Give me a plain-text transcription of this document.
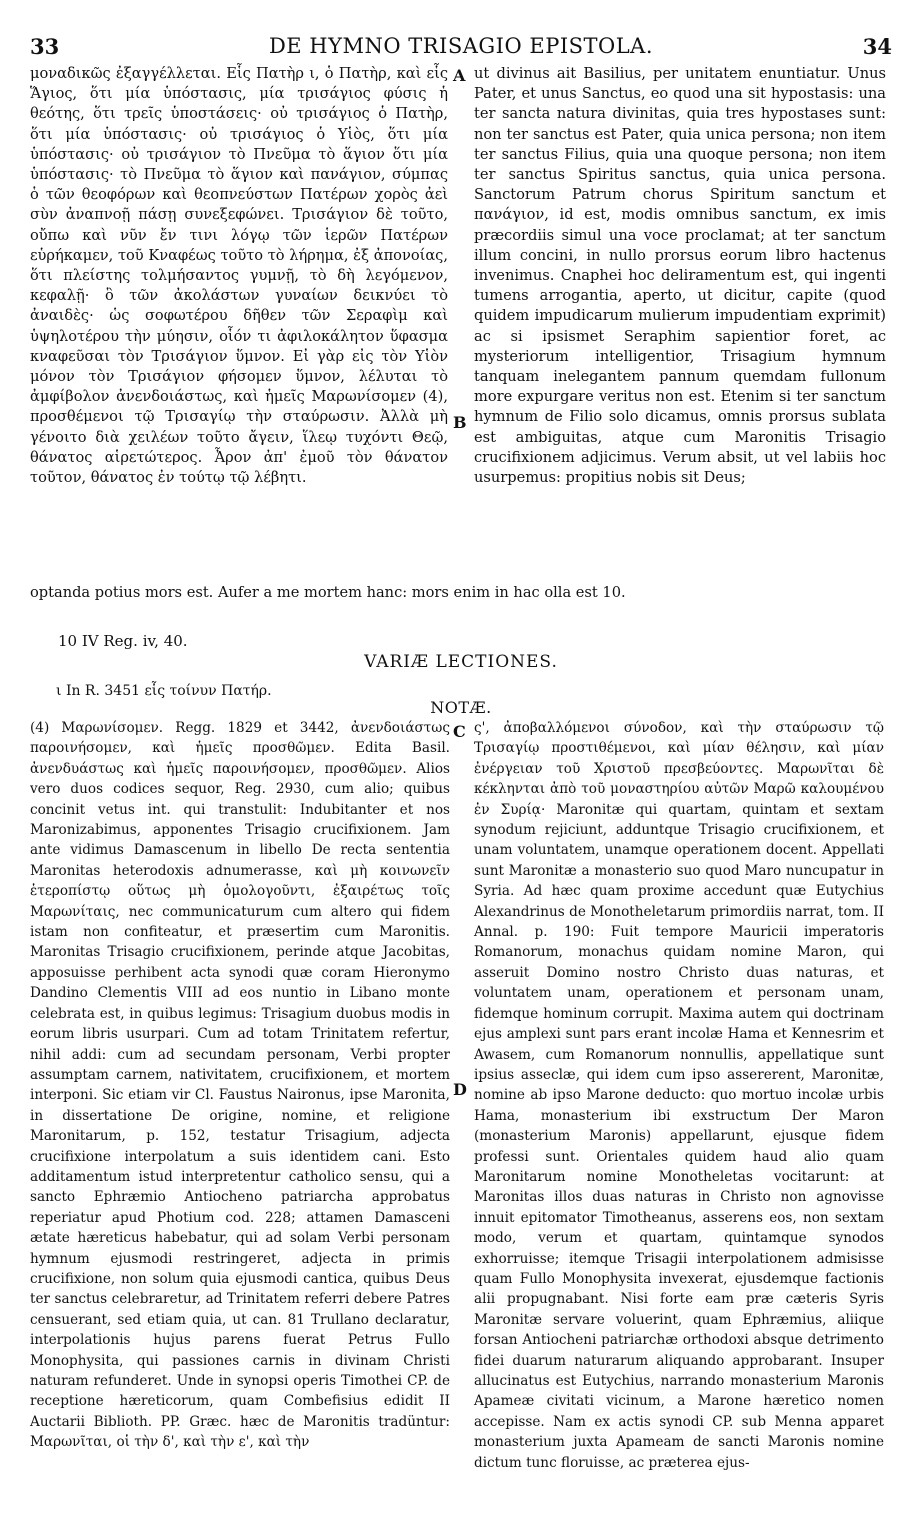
33	DE HYMNO TRISAGIO EPISTOLA.	34

μοναδικῶς ἐξαγγέλλεται. Εἷς Πατὴρ ι, ὁ Πατὴρ, καὶ εἷς Ἅγιος, ὅτι μία ὑπόστασις, μία τρισάγιος φύσις ἡ θεότης, ὅτι τρεῖς ὑποστάσεις· οὐ τρισάγιος ὁ Πατὴρ, ὅτι μία ὑπόστασις· οὐ τρισάγιος ὁ Υἱὸς, ὅτι μία ὑπόστασις· οὐ τρισάγιον τὸ Πνεῦμα τὸ ἅγιον ὅτι μία ὑπόστασις· τὸ Πνεῦμα τὸ ἅγιον καὶ πανάγιον, σύμπας ὁ τῶν θεοφόρων καὶ θεοπνεύστων Πατέρων χορὸς ἀεὶ σὺν ἀναπνοῇ πάσῃ συνεξεφώνει. Τρισάγιον δὲ τοῦτο, οὔπω καὶ νῦν ἔν τινι λόγῳ τῶν ἱερῶν Πατέρων εὑρήκαμεν, τοῦ Κναφέως τοῦτο τὸ λήρημα, ἐξ ἀπονοίας, ὅτι πλείστης τολμήσαντος γυμνῇ, τὸ δὴ λεγόμενον, κεφαλῇ· ὃ τῶν ἀκολάστων γυναίων δεικνύει τὸ ἀναιδὲς· ὡς σοφωτέρου δῆθεν τῶν Σεραφὶμ καὶ ὑψηλοτέρου τὴν μύησιν, οἷόν τι ἀφιλοκάλητον ὕφασμα κναφεῦσαι τὸν Τρισάγιον ὕμνον. Εἰ γὰρ εἰς τὸν Υἱὸν μόνον τὸν Τρισάγιον φήσομεν ὕμνον, λέλυται τὸ ἀμφίβολον ἀνενδοιάστως, καὶ ἡμεῖς Μαρωνίσομεν (4), προσθέμενοι τῷ Τρισαγίῳ τὴν σταύρωσιν. Ἀλλὰ μὴ γένοιτο διὰ χειλέων τοῦτο ἄγειν, ἵλεῳ τυχόντι Θεῷ, θάνατος αἱρετώτερος. Ἆρον ἀπ' ἐμοῦ τὸν θάνατον τοῦτον, θάνατος ἐν τούτῳ τῷ λέβητι.

A
B

ut divinus ait Basilius, per unitatem enuntiatur. Unus Pater, et unus Sanctus, eo quod una sit hypostasis: una ter sancta natura divinitas, quia tres hypostases sunt: non ter sanctus est Pater, quia unica persona; non item ter sanctus Filius, quia una quoque persona; non item ter sanctus Spiritus sanctus, quia unica persona. Sanctorum Patrum chorus Spiritum sanctum et πανάγιον, id est, modis omnibus sanctum, ex imis præcordiis simul una voce proclamat; at ter sanctum illum concini, in nullo prorsus eorum libro hactenus invenimus. Cnaphei hoc deliramentum est, qui ingenti tumens arrogantia, aperto, ut dicitur, capite (quod quidem impudicarum mulierum impudentiam exprimit) ac si ipsismet Seraphim sapientior foret, ac mysteriorum intelligentior, Trisagium hymnum tanquam inelegantem pannum quemdam fullonum more expurgare veritus non est. Etenim si ter sanctum hymnum de Filio solo dicamus, omnis prorsus sublata est ambiguitas, atque cum Maronitis Trisagio crucifixionem adjicimus. Verum absit, ut vel labiis hoc usurpemus: propitius nobis sit Deus;

optanda potius mors est. Aufer a me mortem hanc: mors enim in hac olla est 10.
10 IV Reg. iv, 40.
VARIÆ LECTIONES.
ι In R. 3451 εἷς τοίνυν Πατήρ.
NOTÆ.

(4) Μαρωνίσομεν. Regg. 1829 et 3442, ἀνενδοιάστως παροινήσομεν, καὶ ἡμεῖς προσθῶμεν. Edita Basil. ἀνενδυάστως καὶ ἡμεῖς παροινήσομεν, προσθῶμεν. Alios vero duos codices sequor, Reg. 2930, cum alio; quibus concinit vetus int. qui transtulit: Indubitanter et nos Maronizabimus, apponentes Trisagio crucifixionem. Jam ante vidimus Damascenum in libello De recta sententia Maronitas heterodoxis adnumerasse, καὶ μὴ κοινωνεῖν ἑτεροπίστῳ οὕτως μὴ ὁμολογοῦντι, ἐξαιρέτως τοῖς Μαρωνίταις, nec communicaturum cum altero qui fidem istam non confiteatur, et præsertim cum Maronitis. Maronitas Trisagio crucifixionem, perinde atque Jacobitas, apposuisse perhibent acta synodi quæ coram Hieronymo Dandino Clementis VIII ad eos nuntio in Libano monte celebrata est, in quibus legimus: Trisagium duobus modis in eorum libris usurpari. Cum ad totam Trinitatem refertur, nihil addi: cum ad secundam personam, Verbi propter assumptam carnem, nativitatem, crucifixionem, et mortem interponi. Sic etiam vir Cl. Faustus Naironus, ipse Maronita, in dissertatione De origine, nomine, et religione Maronitarum, p. 152, testatur Trisagium, adjecta crucifixione interpolatum a suis identidem cani. Esto additamentum istud interpretentur catholico sensu, qui a sancto Ephræmio Antiocheno patriarcha approbatus reperiatur apud Photium cod. 228; attamen Damasceni ætate hæreticus habebatur, qui ad solam Verbi personam hymnum ejusmodi restringeret, adjecta in primis crucifixione, non solum quia ejusmodi cantica, quibus Deus ter sanctus celebraretur, ad Trinitatem referri debere Patres censuerant, sed etiam quia, ut can. 81 Trullano declaratur, interpolationis hujus parens fuerat Petrus Fullo Monophysita, qui passiones carnis in divinam Christi naturam refunderet. Unde in synopsi operis Timothei CP. de receptione hæreticorum, quam Combefisius edidit II Auctarii Biblioth. PP. Græc. hæc de Maronitis tradüntur: Μαρωνῖται, οἱ τὴν δ', καὶ τὴν ε', καὶ τὴν

C
D

ς', ἀποβαλλόμενοι σύνοδον, καὶ τὴν σταύρωσιν τῷ Τρισαγίῳ προστιθέμενοι, καὶ μίαν θέλησιν, καὶ μίαν ἐνέργειαν τοῦ Χριστοῦ πρεσβεύοντες. Μαρωνῖται δὲ κέκληνται ἀπὸ τοῦ μοναστηρίου αὐτῶν Μαρῶ καλουμένου ἐν Συρίᾳ· Maronitæ qui quartam, quintam et sextam synodum rejiciunt, adduntque Trisagio crucifixionem, et unam voluntatem, unamque operationem docent. Appellati sunt Maronitæ a monasterio suo quod Maro nuncupatur in Syria. Ad hæc quam proxime accedunt quæ Eutychius Alexandrinus de Monotheletarum primordiis narrat, tom. II Annal. p. 190: Fuit tempore Mauricii imperatoris Romanorum, monachus quidam nomine Maron, qui asseruit Domino nostro Christo duas naturas, et voluntatem unam, operationem et personam unam, fidemque hominum corrupit. Maxima autem qui doctrinam ejus amplexi sunt pars erant incolæ Hama et Kennesrim et Awasem, cum Romanorum nonnullis, appellatique sunt ipsius asseclæ, qui idem cum ipso assererent, Maronitæ, nomine ab ipso Marone deducto: quo mortuo incolæ urbis Hama, monasterium ibi exstructum Der Maron (monasterium Maronis) appellarunt, ejusque fidem professi sunt. Orientales quidem haud alio quam Maronitarum nomine Monotheletas vocitarunt: at Maronitas illos duas naturas in Christo non agnovisse innuit epitomator Timotheanus, asserens eos, non sextam modo, verum et quartam, quintamque synodos exhorruisse; itemque Trisagii interpolationem admisisse quam Fullo Monophysita invexerat, ejusdemque factionis alii propugnabant. Nisi forte eam præ cæteris Syris Maronitæ servare voluerint, quam Ephræmius, aliique forsan Antiocheni patriarchæ orthodoxi absque detrimento fidei duarum naturarum aliquando approbarant. Insuper allucinatus est Eutychius, narrando monasterium Maronis Apameæ civitati vicinum, a Marone hæretico nomen accepisse. Nam ex actis synodi CP. sub Menna apparet monasterium juxta Apameam de sancti Maronis nomine dictum tunc floruisse, ac præterea ejus-
